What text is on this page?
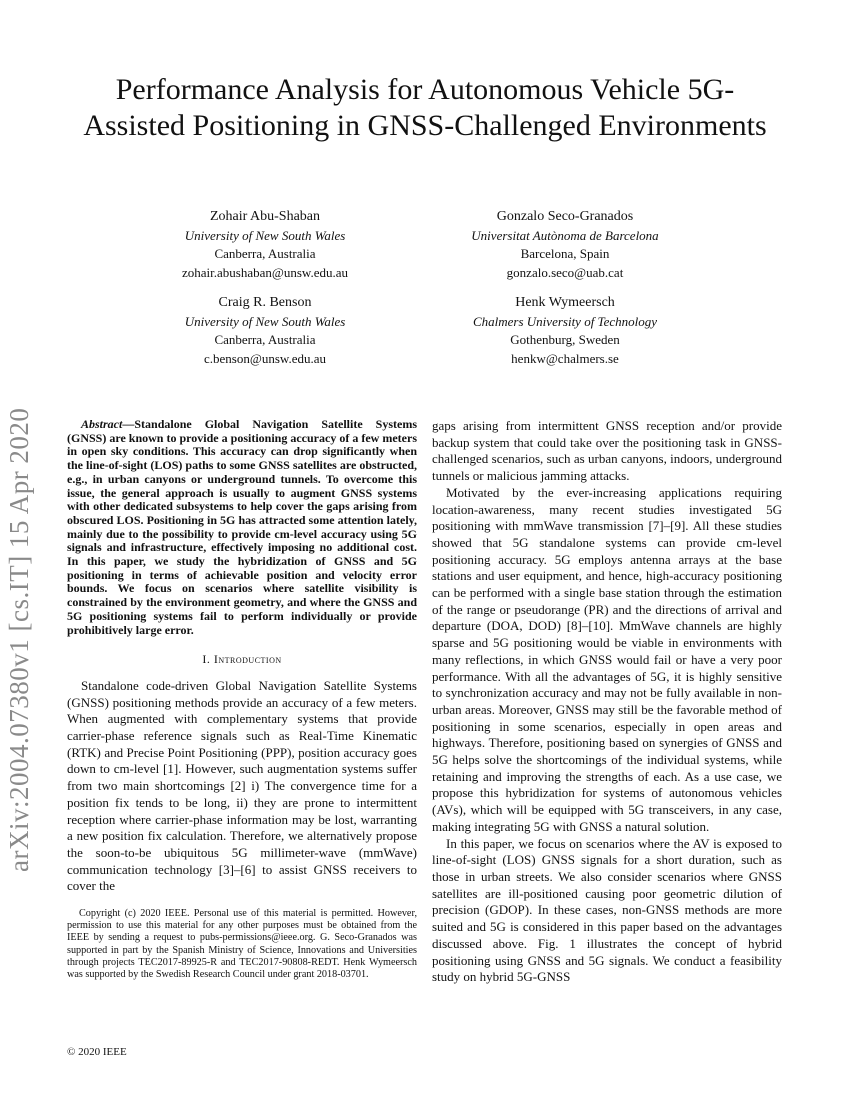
arXiv:2004.07380v1 [cs.IT] 15 Apr 2020
Performance Analysis for Autonomous Vehicle 5G-Assisted Positioning in GNSS-Challenged Environments
Zohair Abu-Shaban
University of New South Wales
Canberra, Australia
zohair.abushaban@unsw.edu.au
Gonzalo Seco-Granados
Universitat Autònoma de Barcelona
Barcelona, Spain
gonzalo.seco@uab.cat
Craig R. Benson
University of New South Wales
Canberra, Australia
c.benson@unsw.edu.au
Henk Wymeersch
Chalmers University of Technology
Gothenburg, Sweden
henkw@chalmers.se

Abstract—Standalone Global Navigation Satellite Systems (GNSS) are known to provide a positioning accuracy of a few meters in open sky conditions. This accuracy can drop significantly when the line-of-sight (LOS) paths to some GNSS satellites are obstructed, e.g., in urban canyons or underground tunnels. To overcome this issue, the general approach is usually to augment GNSS systems with other dedicated subsystems to help cover the gaps arising from obscured LOS. Positioning in 5G has attracted some attention lately, mainly due to the possibility to provide cm-level accuracy using 5G signals and infrastructure, effectively imposing no additional cost. In this paper, we study the hybridization of GNSS and 5G positioning in terms of achievable position and velocity error bounds. We focus on scenarios where satellite visibility is constrained by the environment geometry, and where the GNSS and 5G positioning systems fail to perform individually or provide prohibitively large error.

I. Introduction

Standalone code-driven Global Navigation Satellite Systems (GNSS) positioning methods provide an accuracy of a few meters. When augmented with complementary systems that provide carrier-phase reference signals such as Real-Time Kinematic (RTK) and Precise Point Positioning (PPP), position accuracy goes down to cm-level [1]. However, such augmentation systems suffer from two main shortcomings [2] i) The convergence time for a position fix tends to be long, ii) they are prone to intermittent reception where carrier-phase information may be lost, warranting a new position fix calculation. Therefore, we alternatively propose the soon-to-be ubiquitous 5G millimeter-wave (mmWave) communication technology [3]–[6] to assist GNSS receivers to cover the

gaps arising from intermittent GNSS reception and/or provide backup system that could take over the positioning task in GNSS-challenged scenarios, such as urban canyons, indoors, underground tunnels or malicious jamming attacks.

Motivated by the ever-increasing applications requiring location-awareness, many recent studies investigated 5G positioning with mmWave transmission [7]–[9]. All these studies showed that 5G standalone systems can provide cm-level positioning accuracy. 5G employs antenna arrays at the base stations and user equipment, and hence, high-accuracy positioning can be performed with a single base station through the estimation of the range or pseudorange (PR) and the directions of arrival and departure (DOA, DOD) [8]–[10]. MmWave channels are highly sparse and 5G positioning would be viable in environments with many reflections, in which GNSS would fail or have a very poor performance. With all the advantages of 5G, it is highly sensitive to synchronization accuracy and may not be fully available in non-urban areas. Moreover, GNSS may still be the favorable method of positioning in some scenarios, especially in open areas and highways. Therefore, positioning based on synergies of GNSS and 5G helps solve the shortcomings of the individual systems, while retaining and improving the strengths of each. As a use case, we propose this hybridization for systems of autonomous vehicles (AVs), which will be equipped with 5G transceivers, in any case, making integrating 5G with GNSS a natural solution.

In this paper, we focus on scenarios where the AV is exposed to line-of-sight (LOS) GNSS signals for a short duration, such as those in urban streets. We also consider scenarios where GNSS satellites are ill-positioned causing poor geometric dilution of precision (GDOP). In these cases, non-GNSS methods are more suited and 5G is considered in this paper based on the advantages discussed above. Fig. 1 illustrates the concept of hybrid positioning using GNSS and 5G signals. We conduct a feasibility study on hybrid 5G-GNSS

Copyright (c) 2020 IEEE. Personal use of this material is permitted. However, permission to use this material for any other purposes must be obtained from the IEEE by sending a request to pubs-permissions@ieee.org. G. Seco-Granados was supported in part by the Spanish Ministry of Science, Innovations and Universities through projects TEC2017-89925-R and TEC2017-90808-REDT. Henk Wymeersch was supported by the Swedish Research Council under grant 2018-03701.
© 2020 IEEE
